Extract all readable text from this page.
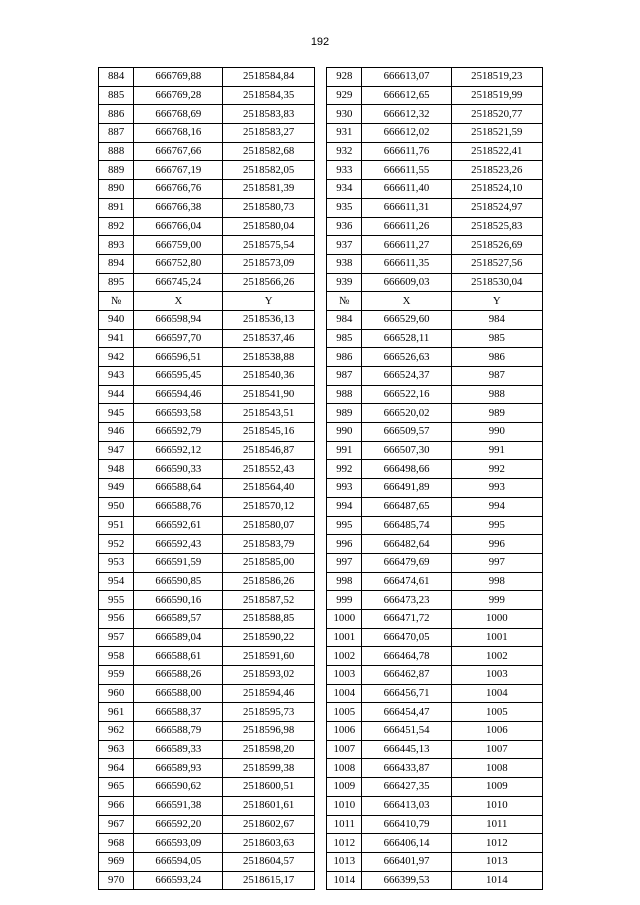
192
884	666769,88	2518584,84		928	666613,07	2518519,23
885	666769,28	2518584,35		929	666612,65	2518519,99
886	666768,69	2518583,83		930	666612,32	2518520,77
887	666768,16	2518583,27		931	666612,02	2518521,59
888	666767,66	2518582,68		932	666611,76	2518522,41
889	666767,19	2518582,05		933	666611,55	2518523,26
890	666766,76	2518581,39		934	666611,40	2518524,10
891	666766,38	2518580,73		935	666611,31	2518524,97
892	666766,04	2518580,04		936	666611,26	2518525,83
893	666759,00	2518575,54		937	666611,27	2518526,69
894	666752,80	2518573,09		938	666611,35	2518527,56
895	666745,24	2518566,26		939	666609,03	2518530,04
№	X	Y		№	X	Y
940	666598,94	2518536,13		984	666529,60	984
941	666597,70	2518537,46		985	666528,11	985
942	666596,51	2518538,88		986	666526,63	986
943	666595,45	2518540,36		987	666524,37	987
944	666594,46	2518541,90		988	666522,16	988
945	666593,58	2518543,51		989	666520,02	989
946	666592,79	2518545,16		990	666509,57	990
947	666592,12	2518546,87		991	666507,30	991
948	666590,33	2518552,43		992	666498,66	992
949	666588,64	2518564,40		993	666491,89	993
950	666588,76	2518570,12		994	666487,65	994
951	666592,61	2518580,07		995	666485,74	995
952	666592,43	2518583,79		996	666482,64	996
953	666591,59	2518585,00		997	666479,69	997
954	666590,85	2518586,26		998	666474,61	998
955	666590,16	2518587,52		999	666473,23	999
956	666589,57	2518588,85		1000	666471,72	1000
957	666589,04	2518590,22		1001	666470,05	1001
958	666588,61	2518591,60		1002	666464,78	1002
959	666588,26	2518593,02		1003	666462,87	1003
960	666588,00	2518594,46		1004	666456,71	1004
961	666588,37	2518595,73		1005	666454,47	1005
962	666588,79	2518596,98		1006	666451,54	1006
963	666589,33	2518598,20		1007	666445,13	1007
964	666589,93	2518599,38		1008	666433,87	1008
965	666590,62	2518600,51		1009	666427,35	1009
966	666591,38	2518601,61		1010	666413,03	1010
967	666592,20	2518602,67		1011	666410,79	1011
968	666593,09	2518603,63		1012	666406,14	1012
969	666594,05	2518604,57		1013	666401,97	1013
970	666593,24	2518615,17		1014	666399,53	1014
